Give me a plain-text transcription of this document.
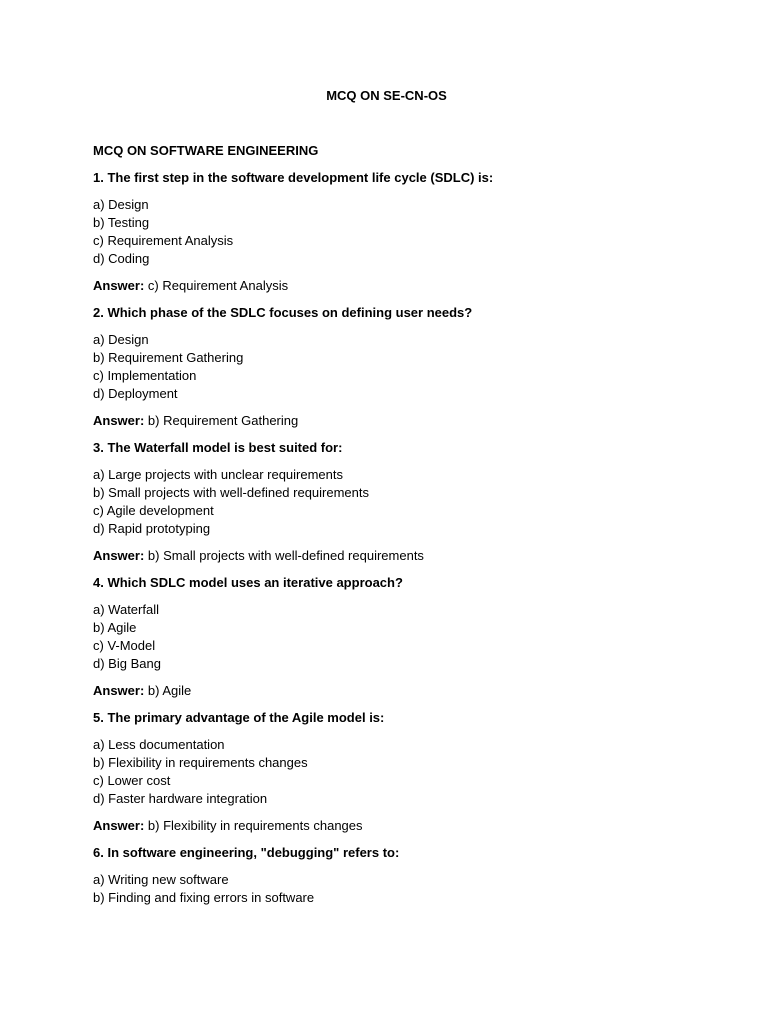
MCQ ON SE-CN-OS
MCQ ON SOFTWARE ENGINEERING
1. The first step in the software development life cycle (SDLC) is:
a) Design
b) Testing
c) Requirement Analysis
d) Coding
Answer: c) Requirement Analysis
2. Which phase of the SDLC focuses on defining user needs?
a) Design
b) Requirement Gathering
c) Implementation
d) Deployment
Answer: b) Requirement Gathering
3. The Waterfall model is best suited for:
a) Large projects with unclear requirements
b) Small projects with well-defined requirements
c) Agile development
d) Rapid prototyping
Answer: b) Small projects with well-defined requirements
4. Which SDLC model uses an iterative approach?
a) Waterfall
b) Agile
c) V-Model
d) Big Bang
Answer: b) Agile
5. The primary advantage of the Agile model is:
a) Less documentation
b) Flexibility in requirements changes
c) Lower cost
d) Faster hardware integration
Answer: b) Flexibility in requirements changes
6. In software engineering, "debugging" refers to:
a) Writing new software
b) Finding and fixing errors in software
